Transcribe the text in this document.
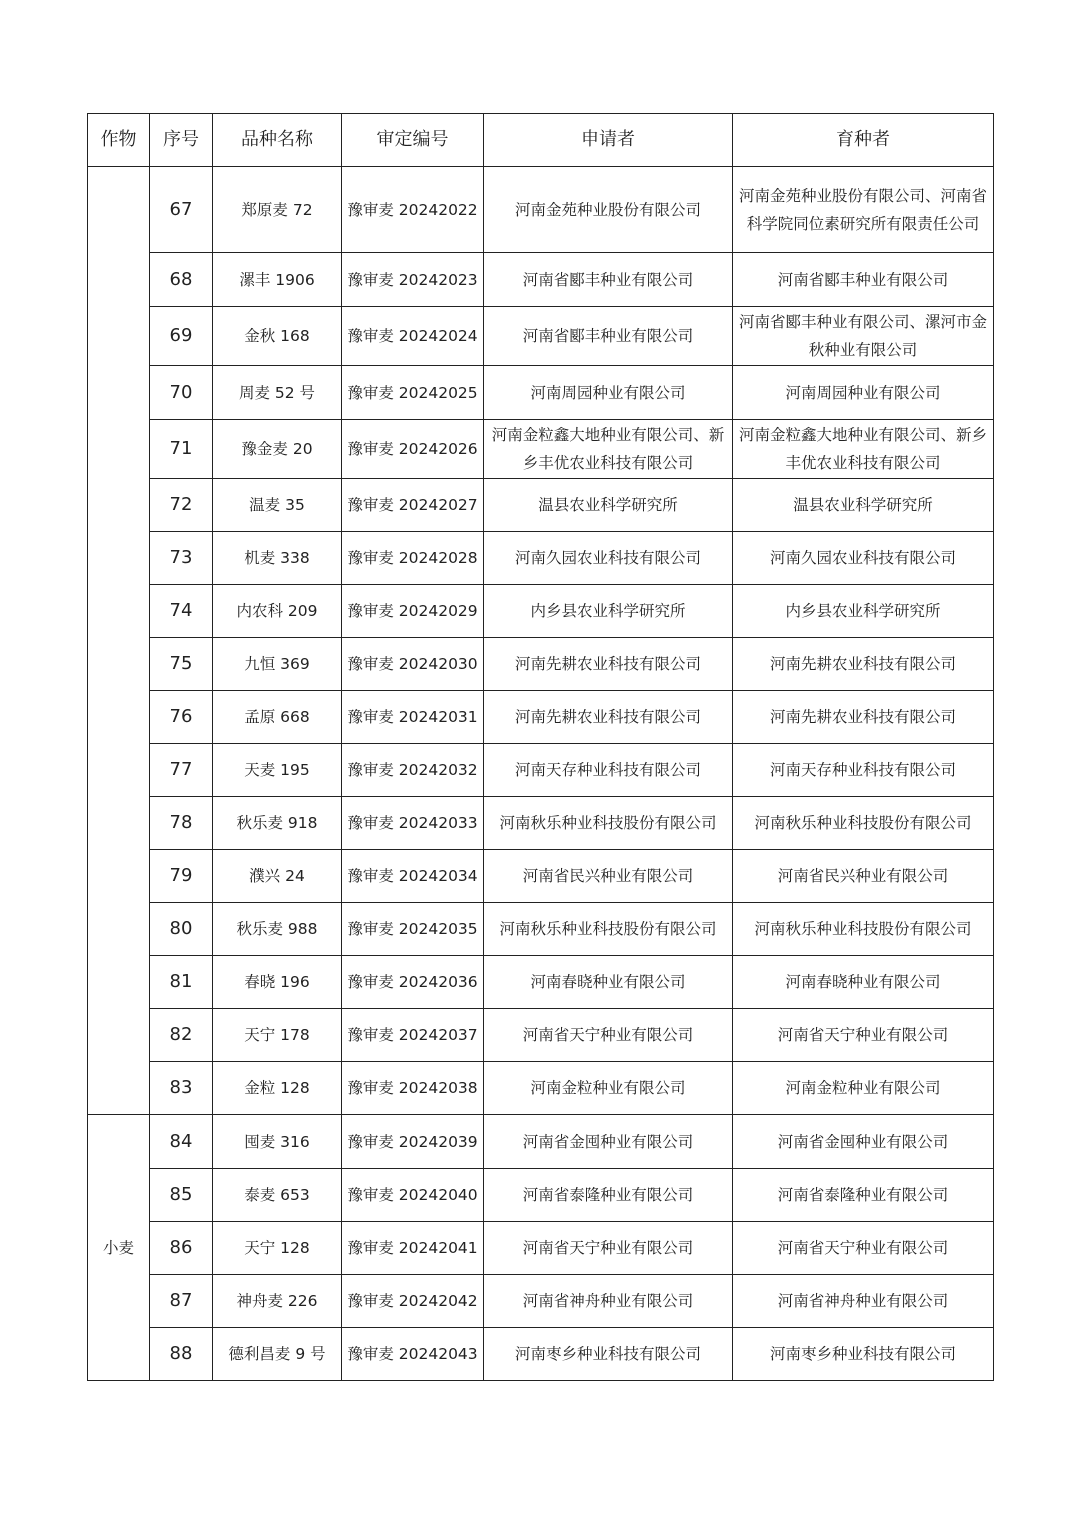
作物	序号	品种名称	审定编号	申请者	育种者
	67	郑原麦 72	豫审麦 20242022	河南金苑种业股份有限公司	河南金苑种业股份有限公司、河南省科学院同位素研究所有限责任公司
	68	漯丰 1906	豫审麦 20242023	河南省郾丰种业有限公司	河南省郾丰种业有限公司
	69	金秋 168	豫审麦 20242024	河南省郾丰种业有限公司	河南省郾丰种业有限公司、漯河市金秋种业有限公司
	70	周麦 52 号	豫审麦 20242025	河南周园种业有限公司	河南周园种业有限公司
	71	豫金麦 20	豫审麦 20242026	河南金粒鑫大地种业有限公司、新乡丰优农业科技有限公司	河南金粒鑫大地种业有限公司、新乡丰优农业科技有限公司
	72	温麦 35	豫审麦 20242027	温县农业科学研究所	温县农业科学研究所
	73	机麦 338	豫审麦 20242028	河南久园农业科技有限公司	河南久园农业科技有限公司
	74	内农科 209	豫审麦 20242029	内乡县农业科学研究所	内乡县农业科学研究所
	75	九恒 369	豫审麦 20242030	河南先耕农业科技有限公司	河南先耕农业科技有限公司
	76	孟原 668	豫审麦 20242031	河南先耕农业科技有限公司	河南先耕农业科技有限公司
	77	天麦 195	豫审麦 20242032	河南天存种业科技有限公司	河南天存种业科技有限公司
	78	秋乐麦 918	豫审麦 20242033	河南秋乐种业科技股份有限公司	河南秋乐种业科技股份有限公司
	79	濮兴 24	豫审麦 20242034	河南省民兴种业有限公司	河南省民兴种业有限公司
	80	秋乐麦 988	豫审麦 20242035	河南秋乐种业科技股份有限公司	河南秋乐种业科技股份有限公司
	81	春晓 196	豫审麦 20242036	河南春晓种业有限公司	河南春晓种业有限公司
	82	天宁 178	豫审麦 20242037	河南省天宁种业有限公司	河南省天宁种业有限公司
	83	金粒 128	豫审麦 20242038	河南金粒种业有限公司	河南金粒种业有限公司
小麦	84	囤麦 316	豫审麦 20242039	河南省金囤种业有限公司	河南省金囤种业有限公司
	85	泰麦 653	豫审麦 20242040	河南省泰隆种业有限公司	河南省泰隆种业有限公司
	86	天宁 128	豫审麦 20242041	河南省天宁种业有限公司	河南省天宁种业有限公司
	87	神舟麦 226	豫审麦 20242042	河南省神舟种业有限公司	河南省神舟种业有限公司
	88	德利昌麦 9 号	豫审麦 20242043	河南枣乡种业科技有限公司	河南枣乡种业科技有限公司
